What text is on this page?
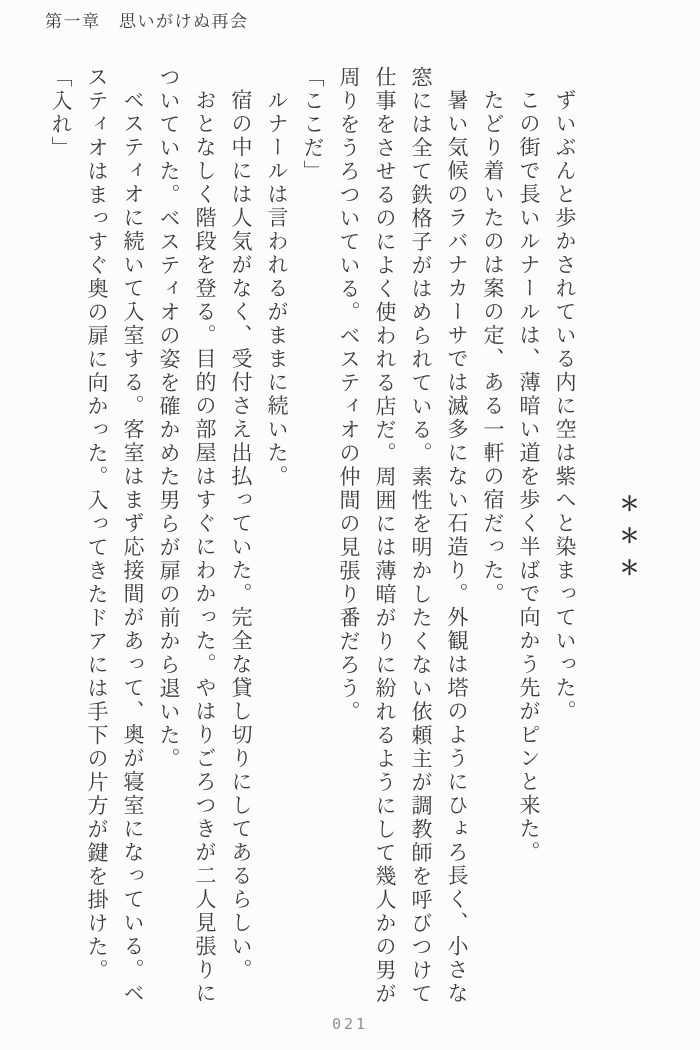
第一章　思いがけぬ再会

＊＊＊

ずいぶんと歩かされている内に空は紫へと染まっていった。

この街で長いルナールは、薄暗い道を歩く半ばで向かう先がピンと来た。

たどり着いたのは案の定、ある一軒の宿だった。

暑い気候のラバナカーサでは滅多にない石造り。外観は塔のようにひょろ長く、小さな

窓には全て鉄格子がはめられている。素性を明かしたくない依頼主が調教師を呼びつけて

仕事をさせるのによく使われる店だ。周囲には薄暗がりに紛れるようにして幾人かの男が

周りをうろついている。ベスティオの仲間の見張り番だろう。

「ここだ」

ルナールは言われるがままに続いた。

宿の中には人気がなく、受付さえ出払っていた。完全な貸し切りにしてあるらしい。

おとなしく階段を登る。目的の部屋はすぐにわかった。やはりごろつきが二人見張りに

ついていた。ベスティオの姿を確かめた男らが扉の前から退いた。

ベスティオに続いて入室する。客室はまず応接間があって、奥が寝室になっている。ベ

スティオはまっすぐ奥の扉に向かった。入ってきたドアには手下の片方が鍵を掛けた。

「入れ」

021
